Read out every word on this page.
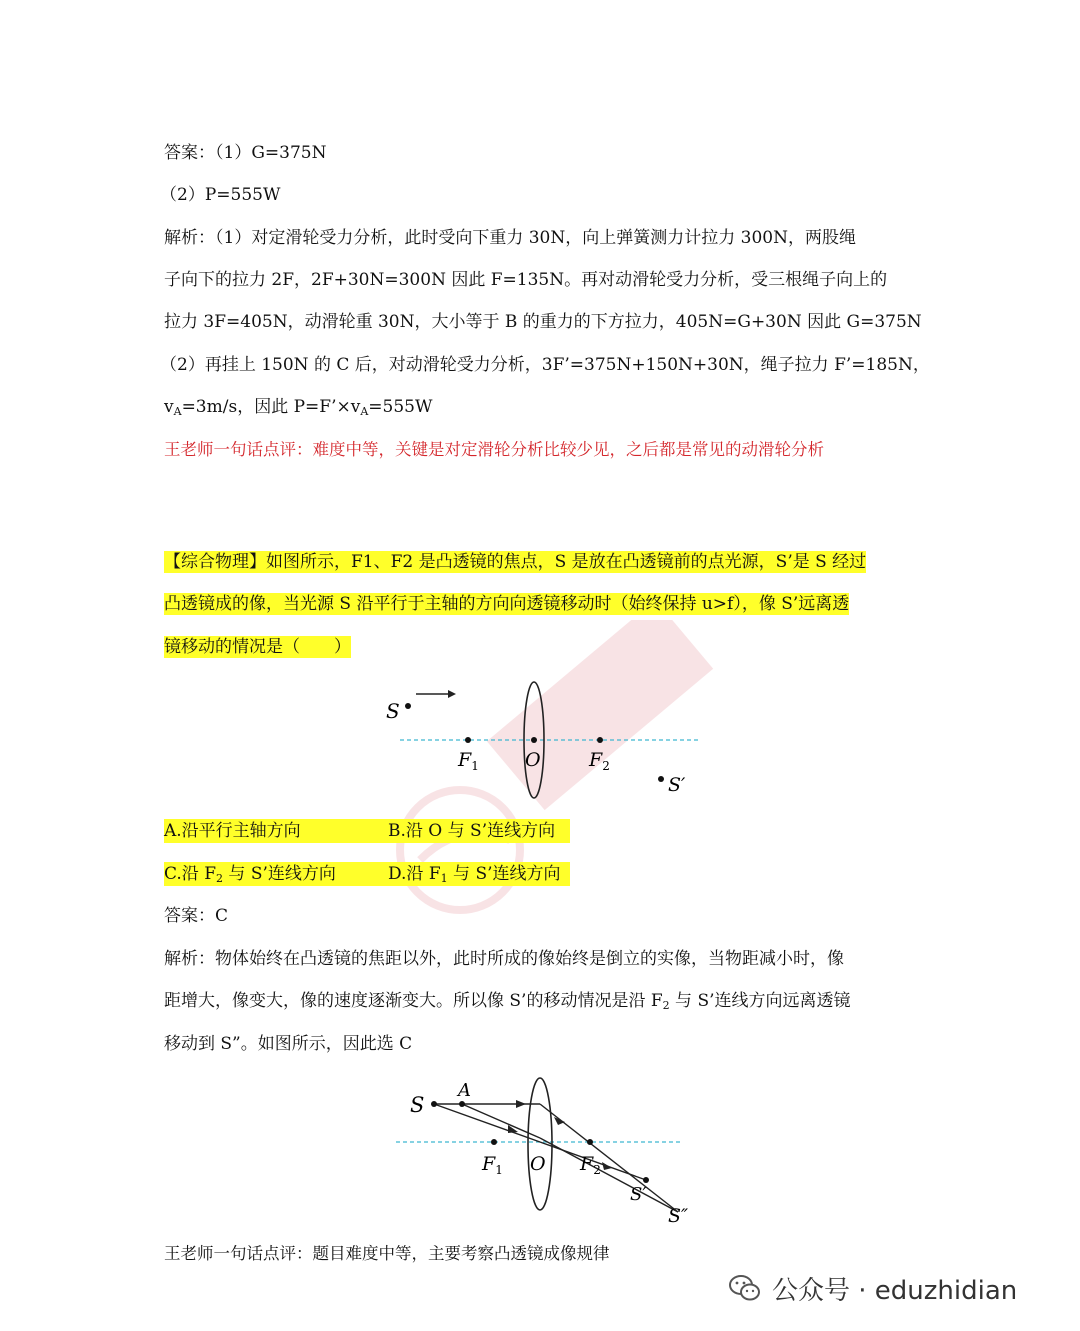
答案：（1）G=375N
（2）P=555W
解析：（1）对定滑轮受力分析，此时受向下重力 30N，向上弹簧测力计拉力 300N，两股绳
子向下的拉力 2F，2F+30N=300N 因此 F=135N。再对动滑轮受力分析，受三根绳子向上的
拉力 3F=405N，动滑轮重 30N，大小等于 B 的重力的下方拉力，405N=G+30N 因此 G=375N
（2）再挂上 150N 的 C 后，对动滑轮受力分析，3F’=375N+150N+30N，绳子拉力 F’=185N，
$v_A=3m/s$，因此 $P=F’\times v_A=555W$
王老师一句话点评：难度中等，关键是对定滑轮分析比较少见，之后都是常见的动滑轮分析
【综合物理】如图所示，F1、F2 是凸透镜的焦点，S 是放在凸透镜前的点光源，S’是 S 经过
凸透镜成的像，当光源 S 沿平行于主轴的方向向透镜移动时（始终保持 u>f），像 S’远离透
镜移动的情况是（　　）
S
$F_1$ O	$F_2$
S′
A.沿平行主轴方向	B.沿 O 与 S’连线方向
C.沿 $F_2$ 与 S’连线方向	D.沿 $F_1$ 与 S’连线方向
答案：C
解析：物体始终在凸透镜的焦距以外，此时所成的像始终是倒立的实像，当物距减小时，像
距增大，像变大，像的速度逐渐变大。所以像 S’的移动情况是沿 $F_2$ 与 S’连线方向远离透镜
移动到 S”。如图所示，因此选 C
S
A
$F_1$ O $F_2$
S′
S″
王老师一句话点评：题目难度中等，主要考察凸透镜成像规律
公众号 · eduzhidian
